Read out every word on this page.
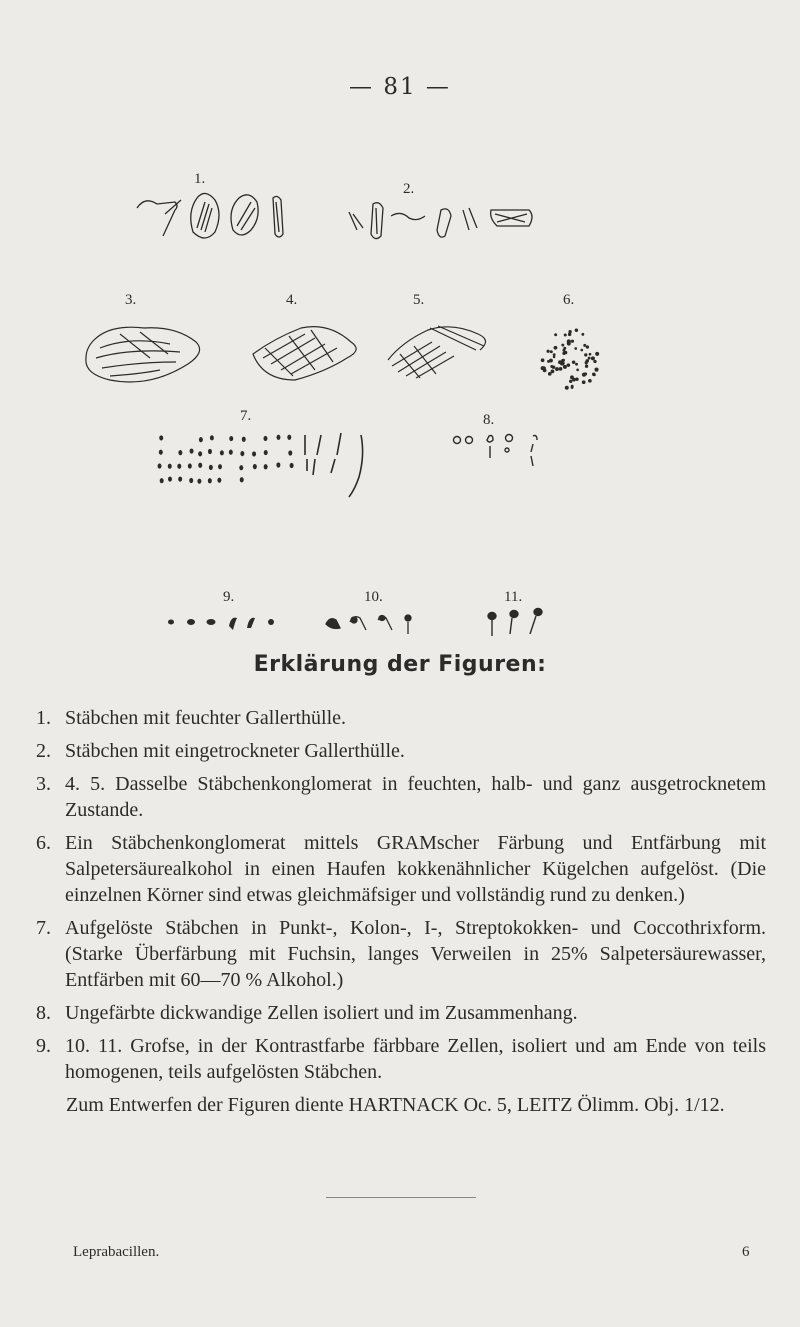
— 81 —
1.
2.
3.	4.	5.	6.
7.	8.
9.	10.	11.
Erklärung der Figuren:
1. Stäbchen mit feuchter Gallerthülle.
2. Stäbchen mit eingetrockneter Gallerthülle.
3. 4. 5. Dasselbe Stäbchenkonglomerat in feuchten, halb- und ganz ausgetrocknetem Zustande.
6. Ein Stäbchenkonglomerat mittels GRAMscher Färbung und Entfärbung mit Salpetersäurealkohol in einen Haufen kokkenähnlicher Kügelchen aufgelöst. (Die einzelnen Körner sind etwas gleichmäfsiger und vollständig rund zu denken.)
7. Aufgelöste Stäbchen in Punkt-, Kolon-, I-, Streptokokken- und Coccothrixform. (Starke Überfärbung mit Fuchsin, langes Verweilen in 25% Salpetersäurewasser, Entfärben mit 60—70 % Alkohol.)
8. Ungefärbte dickwandige Zellen isoliert und im Zusammenhang.
9. 10. 11. Grofse, in der Kontrastfarbe färbbare Zellen, isoliert und am Ende von teils homogenen, teils aufgelösten Stäbchen.
Zum Entwerfen der Figuren diente HARTNACK Oc. 5, LEITZ Ölimm. Obj. 1/12.
Leprabacillen.	6
